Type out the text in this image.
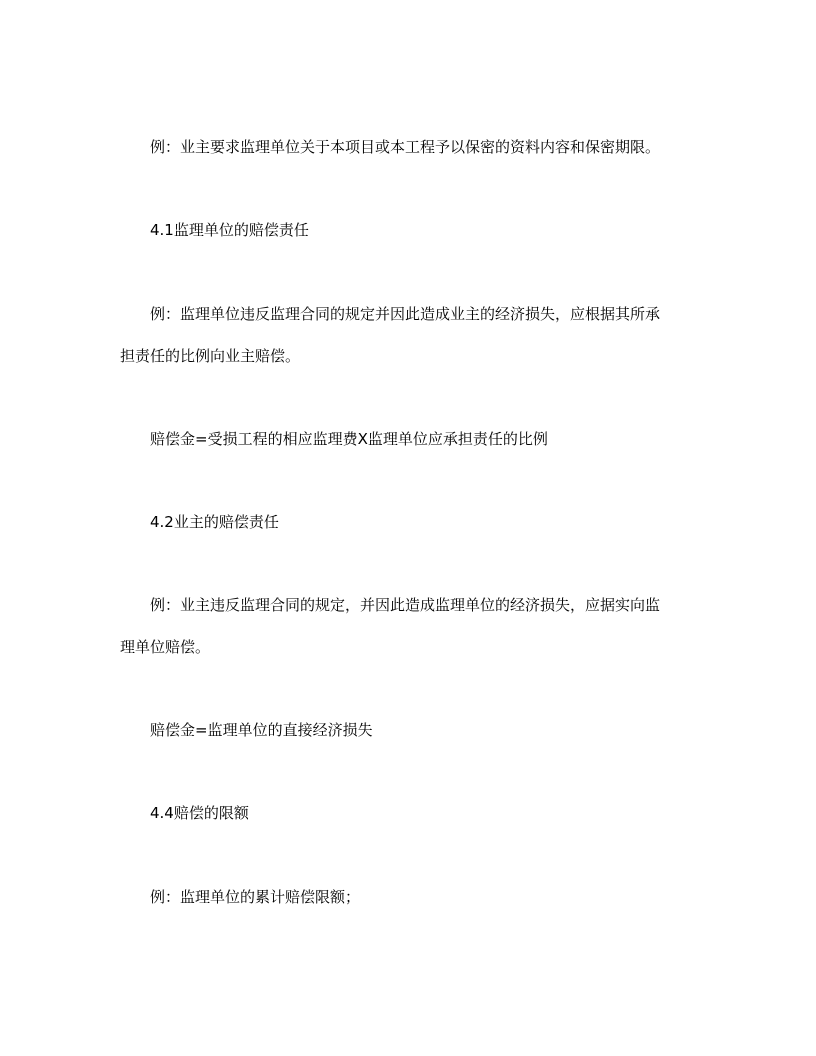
例：业主要求监理单位关于本项目或本工程予以保密的资料内容和保密期限。

4.1监理单位的赔偿责任

例：监理单位违反监理合同的规定并因此造成业主的经济损失，应根据其所承
担责任的比例向业主赔偿。

赔偿金=受损工程的相应监理费X监理单位应承担责任的比例

4.2业主的赔偿责任

例：业主违反监理合同的规定，并因此造成监理单位的经济损失，应据实向监
理单位赔偿。

赔偿金=监理单位的直接经济损失

4.4赔偿的限额

例：监理单位的累计赔偿限额；
